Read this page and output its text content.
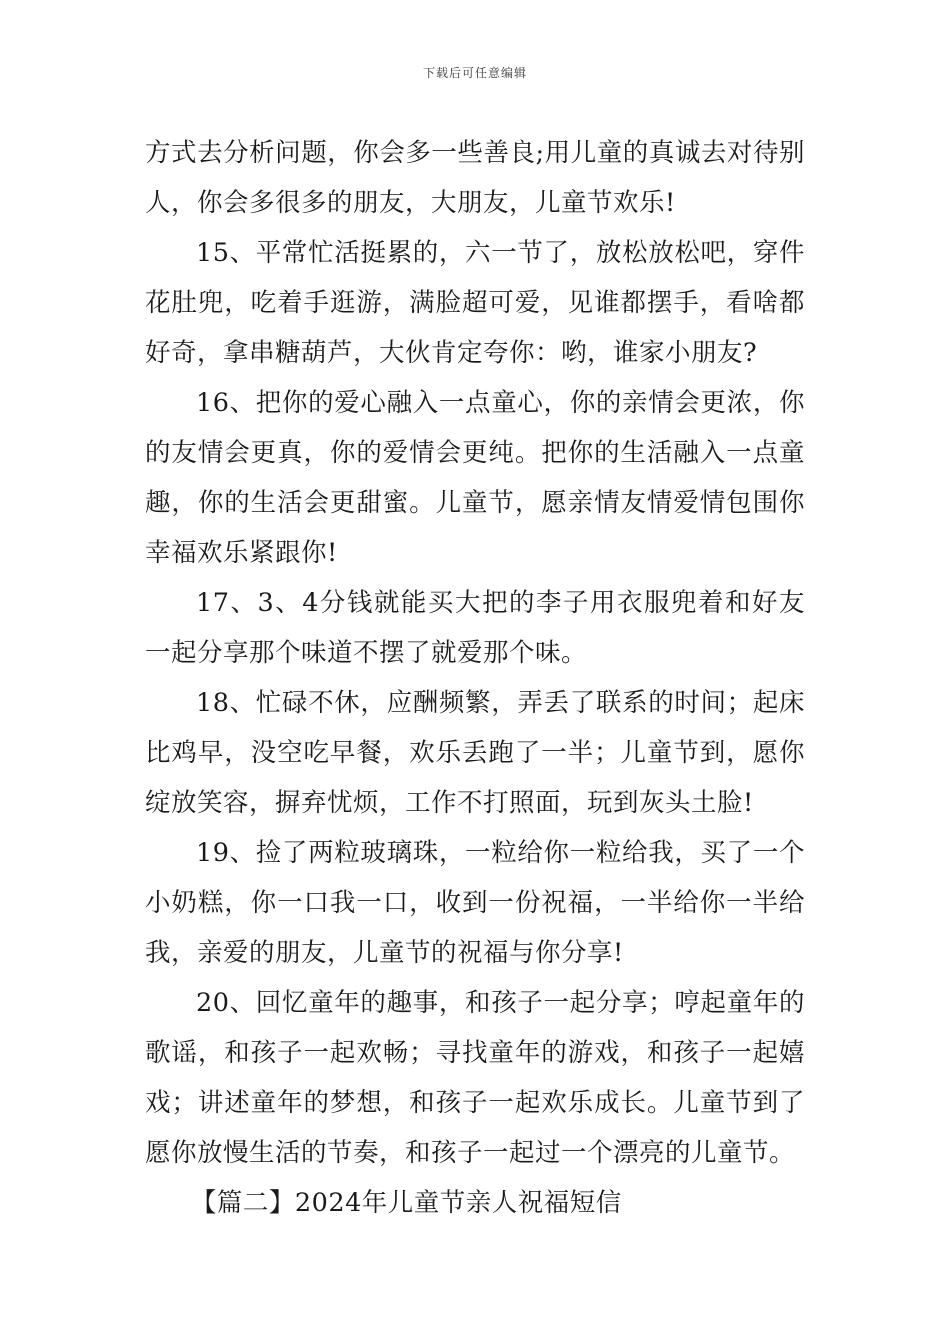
下载后可任意编辑

方式去分析问题，你会多一些善良;用儿童的真诚去对待别人，你会多很多的朋友，大朋友，儿童节欢乐!

15、平常忙活挺累的，六一节了，放松放松吧，穿件花肚兜，吃着手逛游，满脸超可爱，见谁都摆手，看啥都好奇，拿串糖葫芦，大伙肯定夸你：哟，谁家小朋友?

16、把你的爱心融入一点童心，你的亲情会更浓，你的友情会更真，你的爱情会更纯。把你的生活融入一点童趣，你的生活会更甜蜜。儿童节，愿亲情友情爱情包围你幸福欢乐紧跟你!

17、3、4分钱就能买大把的李子用衣服兜着和好友一起分享那个味道不摆了就爱那个味。

18、忙碌不休，应酬频繁，弄丢了联系的时间；起床比鸡早，没空吃早餐，欢乐丢跑了一半；儿童节到，愿你绽放笑容，摒弃忧烦，工作不打照面，玩到灰头土脸!

19、捡了两粒玻璃珠，一粒给你一粒给我，买了一个小奶糕，你一口我一口，收到一份祝福，一半给你一半给我，亲爱的朋友，儿童节的祝福与你分享!

20、回忆童年的趣事，和孩子一起分享；哼起童年的歌谣，和孩子一起欢畅；寻找童年的游戏，和孩子一起嬉戏；讲述童年的梦想，和孩子一起欢乐成长。儿童节到了愿你放慢生活的节奏，和孩子一起过一个漂亮的儿童节。

【篇二】2024年儿童节亲人祝福短信
